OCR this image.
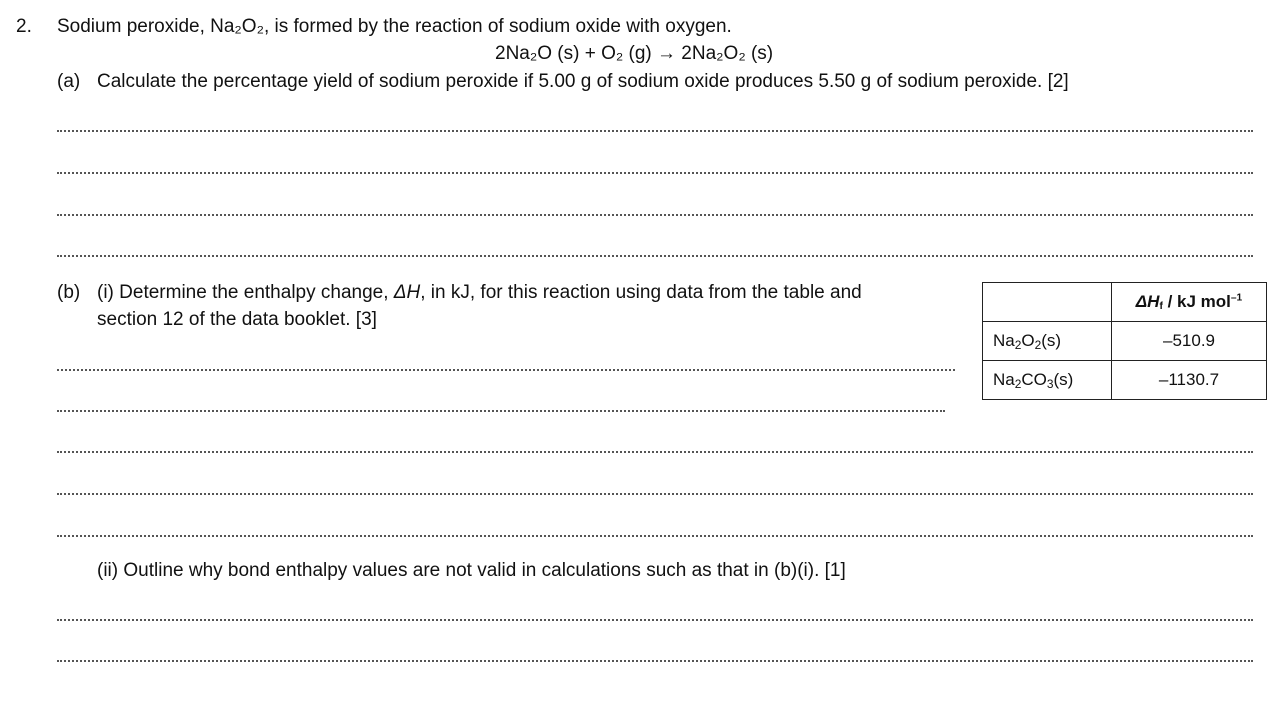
2. Sodium peroxide, Na₂O₂, is formed by the reaction of sodium oxide with oxygen.
2Na₂O (s) + O₂ (g) → 2Na₂O₂ (s)
(a) Calculate the percentage yield of sodium peroxide if 5.00 g of sodium oxide produces 5.50 g of sodium peroxide. [2]
(b) (i) Determine the enthalpy change, ΔH, in kJ, for this reaction using data from the table and
section 12 of the data booklet. [3]
	$\Delta H_f$ / kJ mol$^{-1}$
$Na_2O_2(s)$	–510.9
$Na_2CO_3(s)$	–1130.7
(ii) Outline why bond enthalpy values are not valid in calculations such as that in (b)(i). [1]
